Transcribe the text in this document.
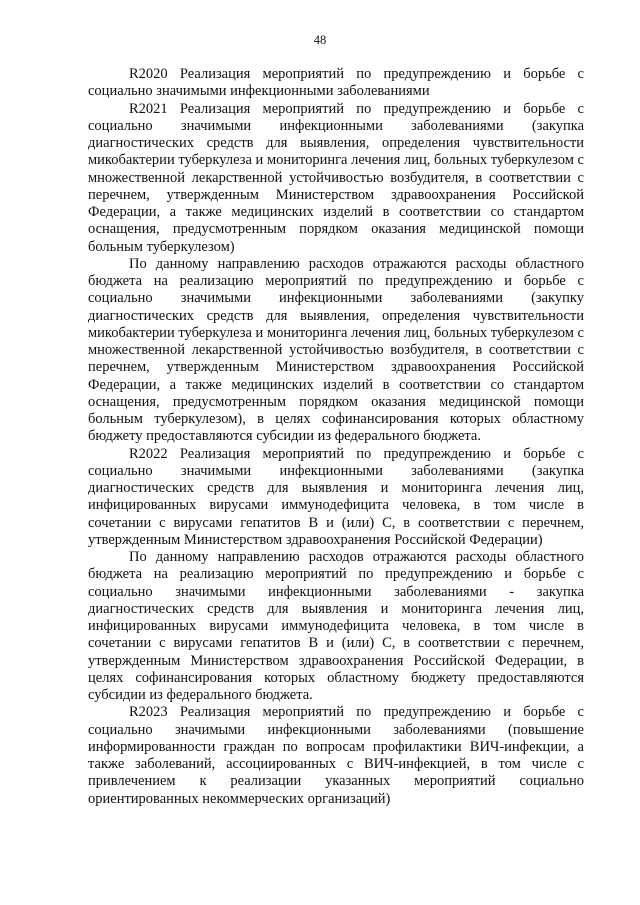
48

R2020 Реализация мероприятий по предупреждению и борьбе с социально значимыми инфекционными заболеваниями

R2021 Реализация мероприятий по предупреждению и борьбе с социально значимыми инфекционными заболеваниями (закупка диагностических средств для выявления, определения чувствительности микобактерии туберкулеза и мониторинга лечения лиц, больных туберкулезом с множественной лекарственной устойчивостью возбудителя, в соответствии с перечнем, утвержденным Министерством здравоохранения Российской Федерации, а также медицинских изделий в соответствии со стандартом оснащения, предусмотренным порядком оказания медицинской помощи больным туберкулезом)

По данному направлению расходов отражаются расходы областного бюджета на реализацию мероприятий по предупреждению и борьбе с социально значимыми инфекционными заболеваниями (закупку диагностических средств для выявления, определения чувствительности микобактерии туберкулеза и мониторинга лечения лиц, больных туберкулезом с множественной лекарственной устойчивостью возбудителя, в соответствии с перечнем, утвержденным Министерством здравоохранения Российской Федерации, а также медицинских изделий в соответствии со стандартом оснащения, предусмотренным порядком оказания медицинской помощи больным туберкулезом), в целях софинансирования которых областному бюджету предоставляются субсидии из федерального бюджета.

R2022 Реализация мероприятий по предупреждению и борьбе с социально значимыми инфекционными заболеваниями (закупка диагностических средств для выявления и мониторинга лечения лиц, инфицированных вирусами иммунодефицита человека, в том числе в сочетании с вирусами гепатитов B и (или) C, в соответствии с перечнем, утвержденным Министерством здравоохранения Российской Федерации)

По данному направлению расходов отражаются расходы областного бюджета на реализацию мероприятий по предупреждению и борьбе с социально значимыми инфекционными заболеваниями - закупка диагностических средств для выявления и мониторинга лечения лиц, инфицированных вирусами иммунодефицита человека, в том числе в сочетании с вирусами гепатитов B и (или) C, в соответствии с перечнем, утвержденным Министерством здравоохранения Российской Федерации, в целях софинансирования которых областному бюджету предоставляются субсидии из федерального бюджета.

R2023 Реализация мероприятий по предупреждению и борьбе с социально значимыми инфекционными заболеваниями (повышение информированности граждан по вопросам профилактики ВИЧ-инфекции, а также заболеваний, ассоциированных с ВИЧ-инфекцией, в том числе с привлечением к реализации указанных мероприятий социально ориентированных некоммерческих организаций)
